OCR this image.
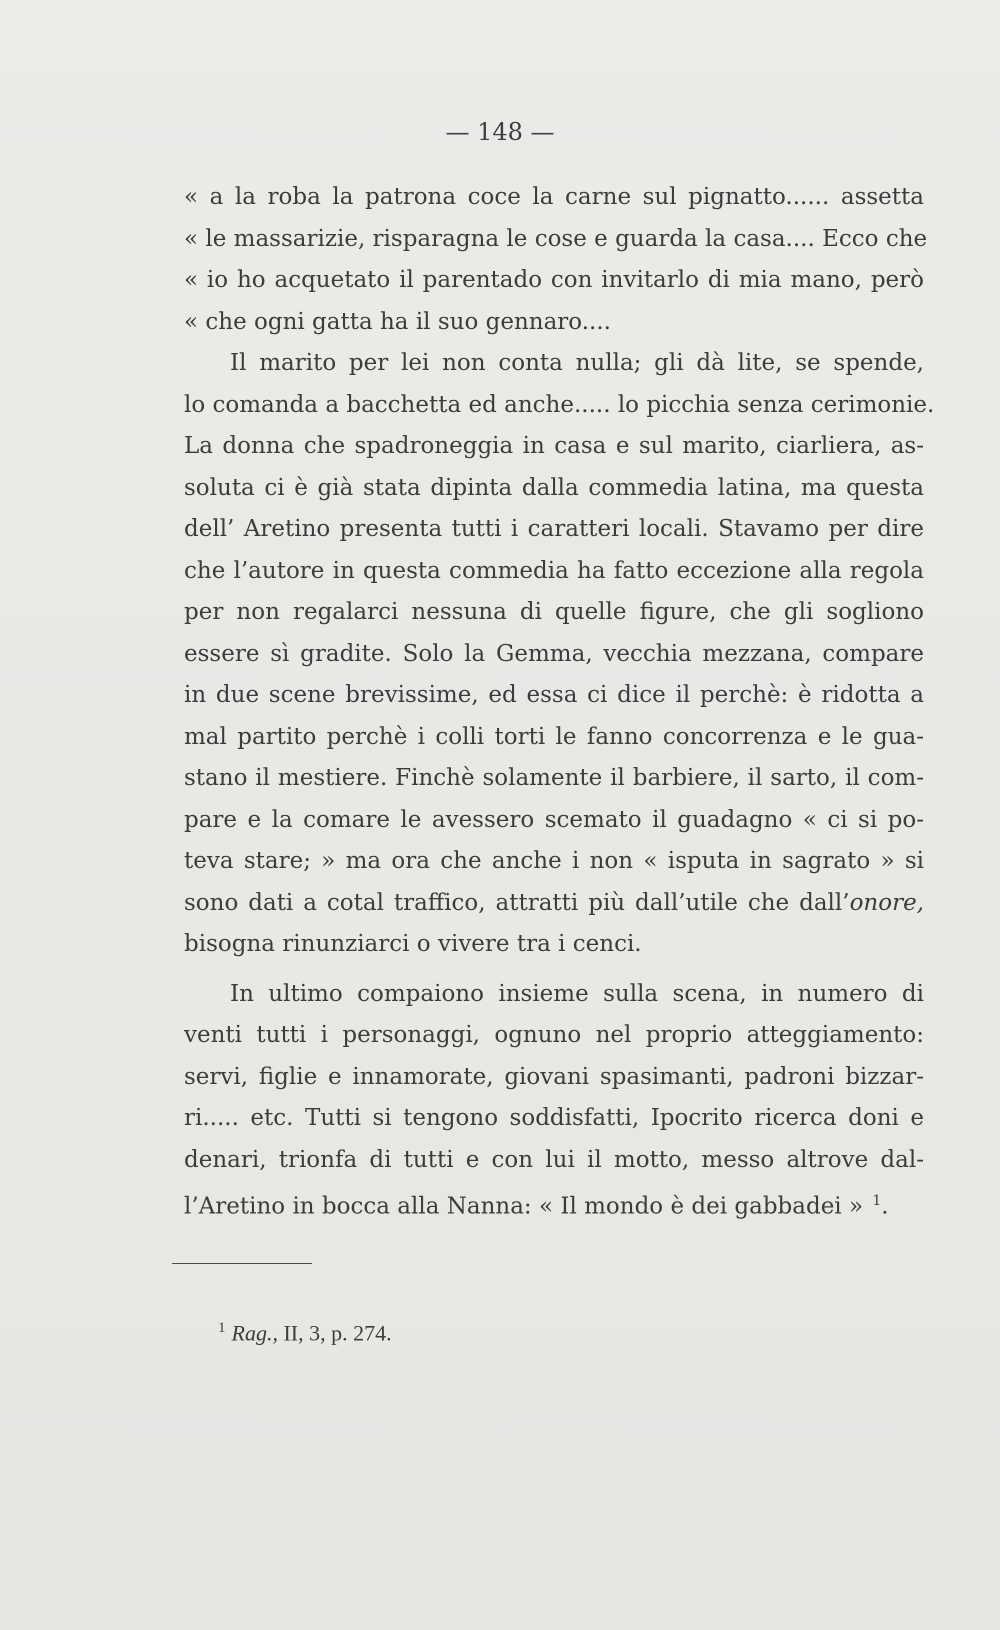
— 148 —
« a la roba la patrona coce la carne sul pignatto...... assetta
« le massarizie, risparagna le cose e guarda la casa.... Ecco che
« io ho acquetato il parentado con invitarlo di mia mano, però
« che ogni gatta ha il suo gennaro....
Il marito per lei non conta nulla; gli dà lite, se spende,
lo comanda a bacchetta ed anche..... lo picchia senza cerimonie.
La donna che spadroneggia in casa e sul marito, ciarliera, as-
soluta ci è già stata dipinta dalla commedia latina, ma questa
dell’ Aretino presenta tutti i caratteri locali. Stavamo per dire
che l’autore in questa commedia ha fatto eccezione alla regola
per non regalarci nessuna di quelle figure, che gli sogliono
essere sì gradite. Solo la Gemma, vecchia mezzana, compare
in due scene brevissime, ed essa ci dice il perchè: è ridotta a
mal partito perchè i colli torti le fanno concorrenza e le gua-
stano il mestiere. Finchè solamente il barbiere, il sarto, il com-
pare e la comare le avessero scemato il guadagno « ci si po-
teva stare; » ma ora che anche i non « isputa in sagrato » si
sono dati a cotal traffico, attratti più dall’utile che dall’onore,
bisogna rinunziarci o vivere tra i cenci.
In ultimo compaiono insieme sulla scena, in numero di
venti tutti i personaggi, ognuno nel proprio atteggiamento:
servi, figlie e innamorate, giovani spasimanti, padroni bizzar-
ri..... etc. Tutti si tengono soddisfatti, Ipocrito ricerca doni e
denari, trionfa di tutti e con lui il motto, messo altrove dal-
l’Aretino in bocca alla Nanna: « Il mondo è dei gabbadei » $^1$.
$^1$ Rag., II, 3, p. 274.
